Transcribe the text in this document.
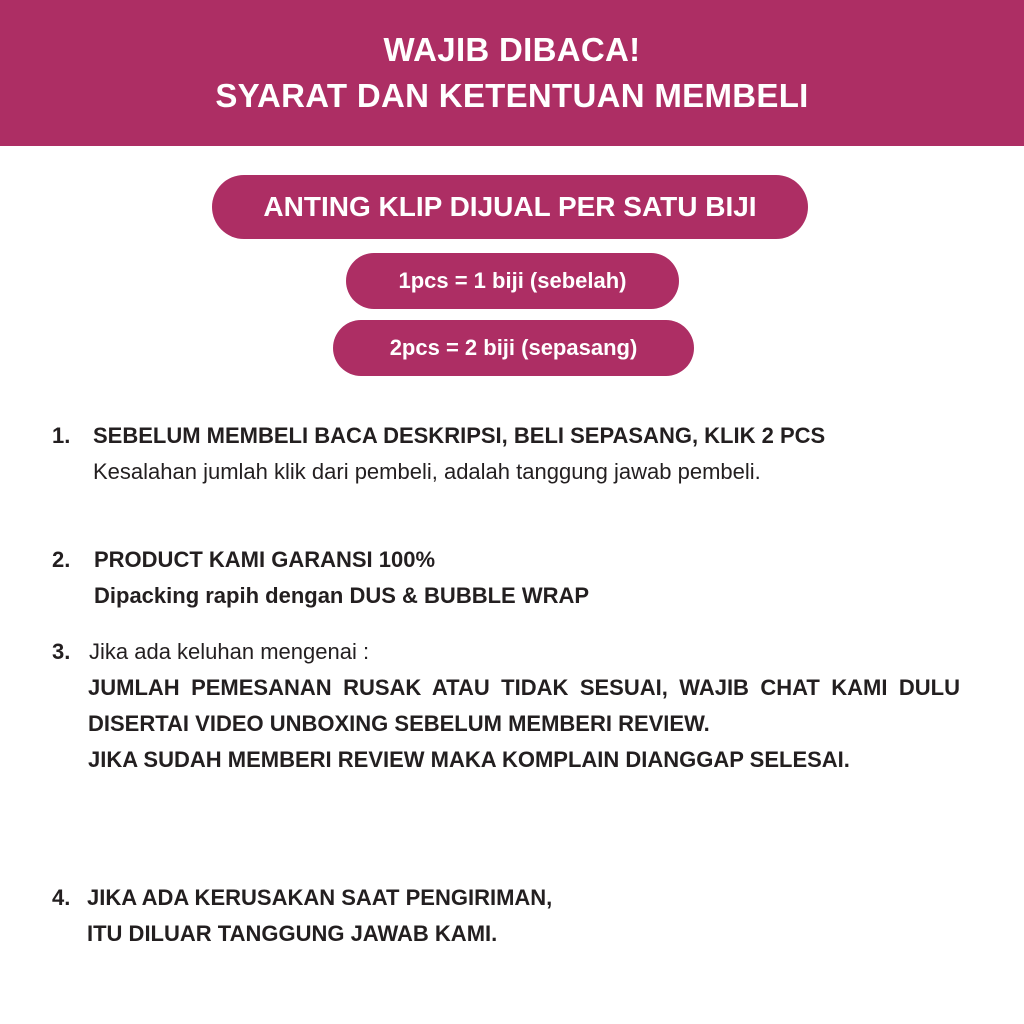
WAJIB DIBACA!
SYARAT DAN KETENTUAN MEMBELI
ANTING KLIP DIJUAL PER SATU BIJI
1pcs = 1 biji (sebelah)
2pcs = 2 biji (sepasang)
1. SEBELUM MEMBELI BACA DESKRIPSI, BELI SEPASANG, KLIK 2 PCS
Kesalahan jumlah klik dari pembeli, adalah tanggung jawab pembeli.
2. PRODUCT KAMI GARANSI 100%
Dipacking rapih dengan DUS & BUBBLE WRAP
3. Jika ada keluhan mengenai :
JUMLAH PEMESANAN RUSAK ATAU TIDAK SESUAI, WAJIB CHAT KAMI DULU DISERTAI VIDEO UNBOXING SEBELUM MEMBERI REVIEW.
JIKA SUDAH MEMBERI REVIEW MAKA KOMPLAIN DIANGGAP SELESAI.
4. JIKA ADA KERUSAKAN SAAT PENGIRIMAN,
ITU DILUAR TANGGUNG JAWAB KAMI.
